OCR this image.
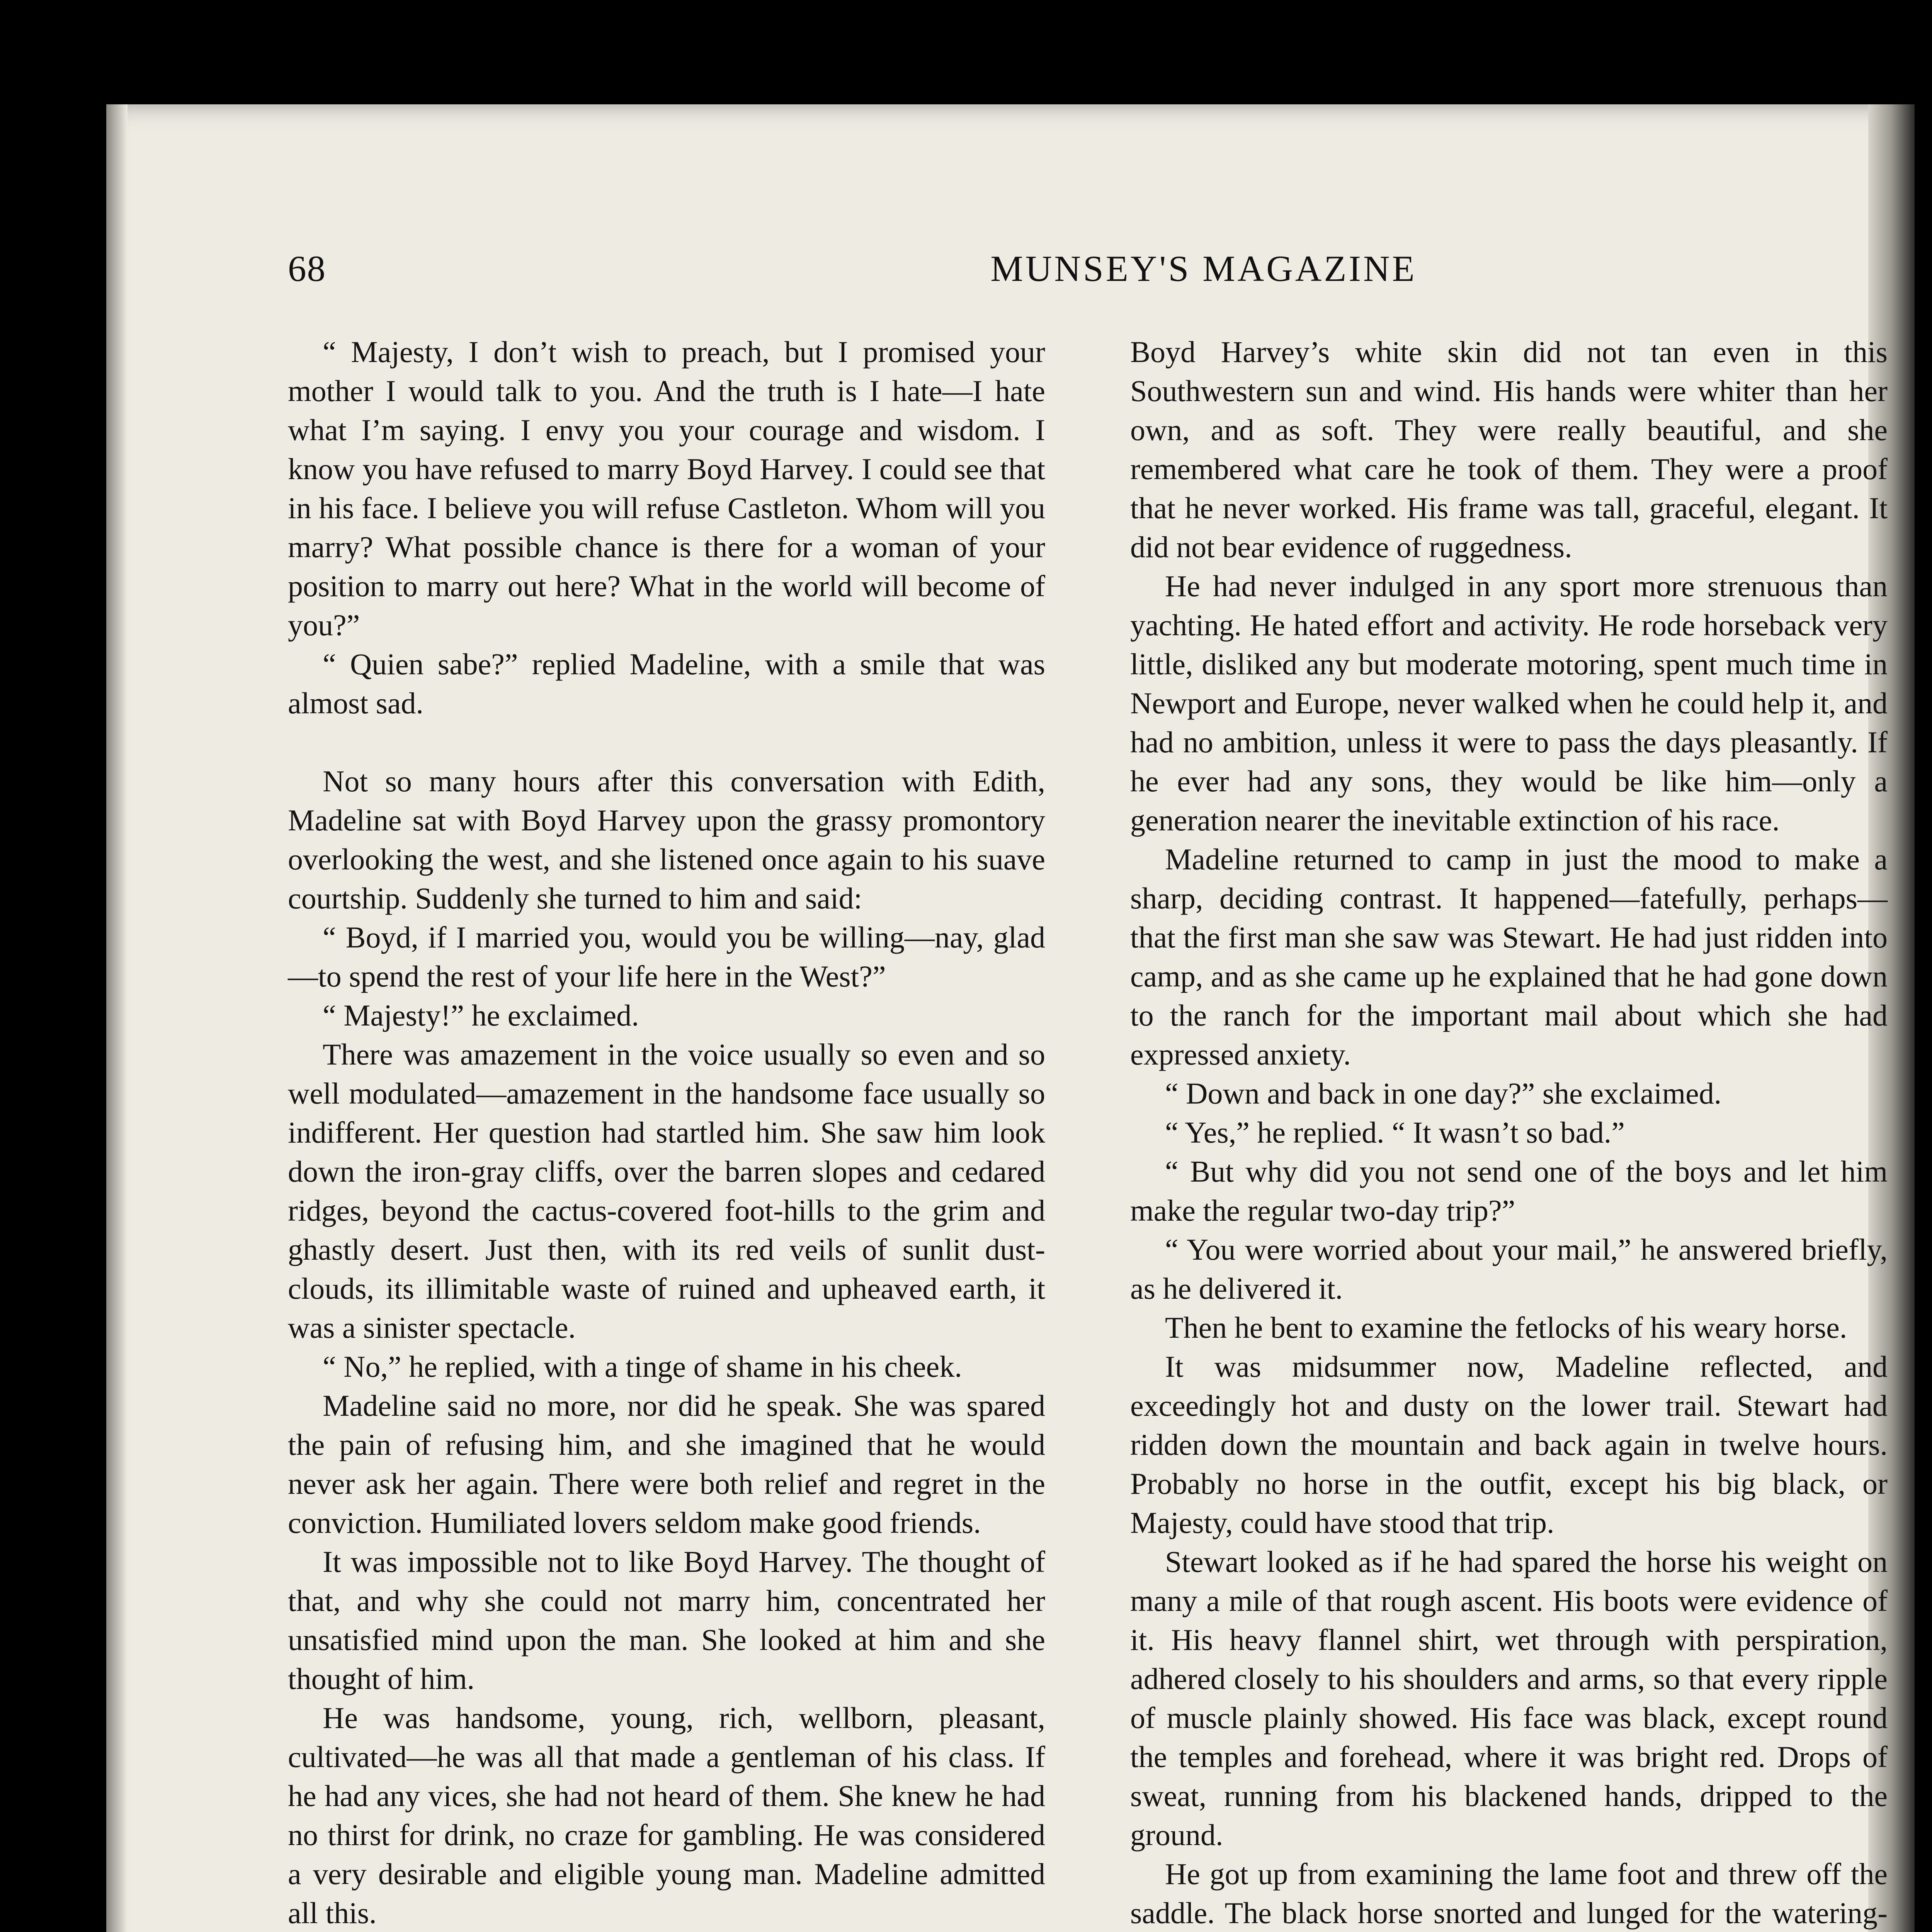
68	MUNSEY'S MAGAZINE

“ Majesty, I don’t wish to preach, but I promised your mother I would talk to you. And the truth is I hate—I hate what I’m saying. I envy you your courage and wisdom. I know you have refused to marry Boyd Harvey. I could see that in his face. I believe you will refuse Castleton. Whom will you marry? What possible chance is there for a woman of your position to marry out here? What in the world will become of you?”

“ Quien sabe?” replied Madeline, with a smile that was almost sad.

Not so many hours after this conversation with Edith, Madeline sat with Boyd Harvey upon the grassy promontory overlooking the west, and she listened once again to his suave courtship. Suddenly she turned to him and said:

“ Boyd, if I married you, would you be willing—nay, glad—to spend the rest of your life here in the West?”

“ Majesty!” he exclaimed.

There was amazement in the voice usually so even and so well modulated—amazement in the handsome face usually so indifferent. Her question had startled him. She saw him look down the iron-gray cliffs, over the barren slopes and cedared ridges, beyond the cactus-covered foot-hills to the grim and ghastly desert. Just then, with its red veils of sunlit dust-clouds, its illimitable waste of ruined and upheaved earth, it was a sinister spectacle.

“ No,” he replied, with a tinge of shame in his cheek.

Madeline said no more, nor did he speak. She was spared the pain of refusing him, and she imagined that he would never ask her again. There were both relief and regret in the conviction. Humiliated lovers seldom make good friends.

It was impossible not to like Boyd Harvey. The thought of that, and why she could not marry him, concentrated her unsatisfied mind upon the man. She looked at him and she thought of him.

He was handsome, young, rich, wellborn, pleasant, cultivated—he was all that made a gentleman of his class. If he had any vices, she had not heard of them. She knew he had no thirst for drink, no craze for gambling. He was considered a very desirable and eligible young man. Madeline admitted all this.

Boyd Harvey’s white skin did not tan even in this Southwestern sun and wind. His hands were whiter than her own, and as soft. They were really beautiful, and she remembered what care he took of them. They were a proof that he never worked. His frame was tall, graceful, elegant. It did not bear evidence of ruggedness.

He had never indulged in any sport more strenuous than yachting. He hated effort and activity. He rode horseback very little, disliked any but moderate motoring, spent much time in Newport and Europe, never walked when he could help it, and had no ambition, unless it were to pass the days pleasantly. If he ever had any sons, they would be like him—only a generation nearer the inevitable extinction of his race.

Madeline returned to camp in just the mood to make a sharp, deciding contrast. It happened—fatefully, perhaps—that the first man she saw was Stewart. He had just ridden into camp, and as she came up he explained that he had gone down to the ranch for the important mail about which she had expressed anxiety.

“ Down and back in one day?” she exclaimed.

“ Yes,” he replied. “ It wasn’t so bad.”

“ But why did you not send one of the boys and let him make the regular two-day trip?”

“ You were worried about your mail,” he answered briefly, as he delivered it.

Then he bent to examine the fetlocks of his weary horse.

It was midsummer now, Madeline reflected, and exceedingly hot and dusty on the lower trail. Stewart had ridden down the mountain and back again in twelve hours. Probably no horse in the outfit, except his big black, or Majesty, could have stood that trip.

Stewart looked as if he had spared the horse his weight on many a mile of that rough ascent. His boots were evidence of it. His heavy flannel shirt, wet through with perspiration, adhered closely to his shoulders and arms, so that every ripple of muscle plainly showed. His face was black, except round the temples and forehead, where it was bright red. Drops of sweat, running from his blackened hands, dripped to the ground.

He got up from examining the lame foot and threw off the saddle. The black horse snorted and lunged for the watering-
